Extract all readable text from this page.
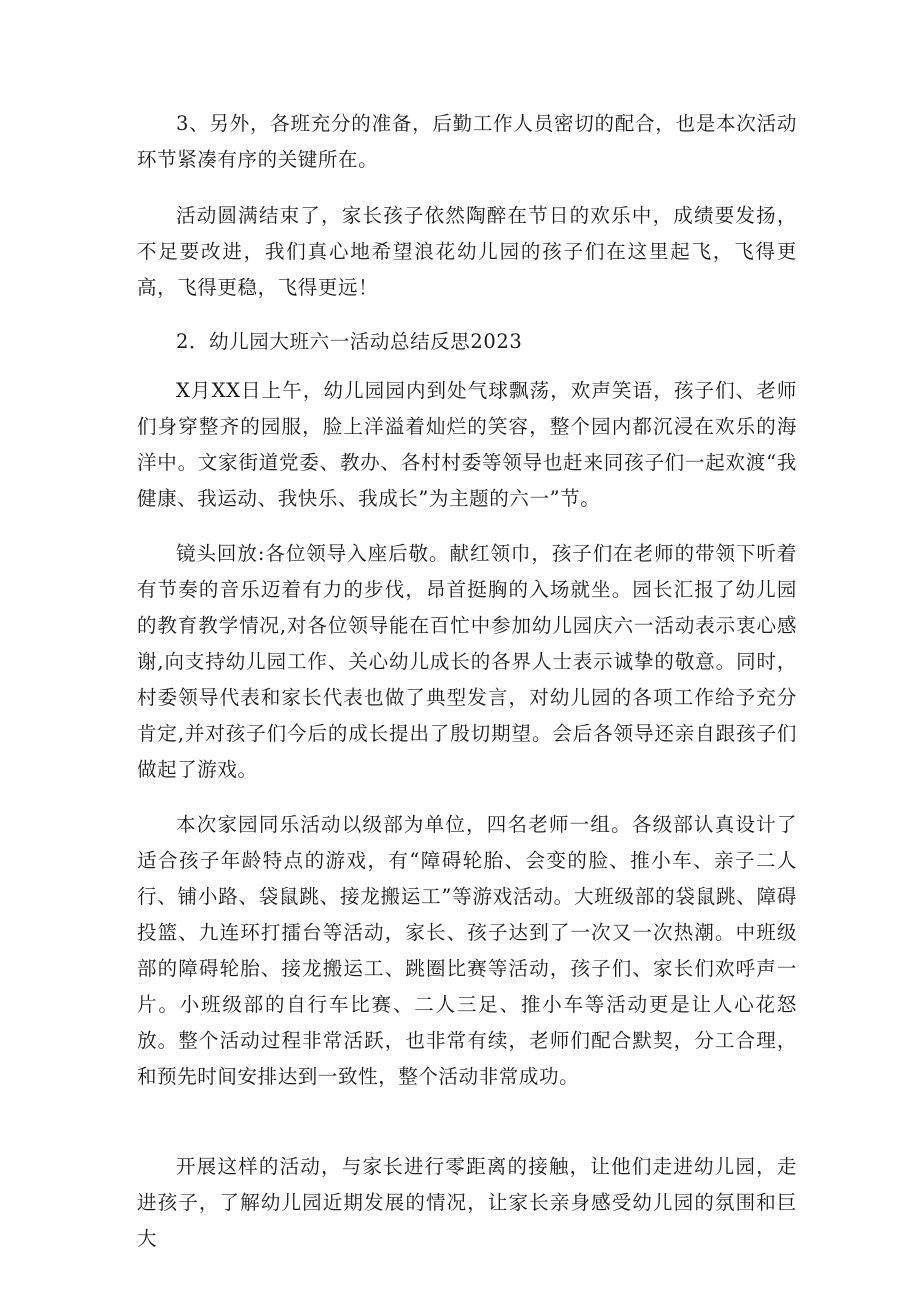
3、另外，各班充分的准备，后勤工作人员密切的配合，也是本次活动环节紧凑有序的关键所在。

活动圆满结束了，家长孩子依然陶醉在节日的欢乐中，成绩要发扬，不足要改进，我们真心地希望浪花幼儿园的孩子们在这里起飞，飞得更高，飞得更稳，飞得更远！

2．幼儿园大班六一活动总结反思2023

X月XX日上午，幼儿园园内到处气球飘荡，欢声笑语，孩子们、老师们身穿整齐的园服，脸上洋溢着灿烂的笑容，整个园内都沉浸在欢乐的海洋中。文家街道党委、教办、各村村委等领导也赶来同孩子们一起欢渡“我健康、我运动、我快乐、我成长”为主题的六一”节。

镜头回放:各位领导入座后敬。献红领巾，孩子们在老师的带领下听着有节奏的音乐迈着有力的步伐，昂首挺胸的入场就坐。园长汇报了幼儿园的教育教学情况,对各位领导能在百忙中参加幼儿园庆六一活动表示衷心感谢,向支持幼儿园工作、关心幼儿成长的各界人士表示诚挚的敬意。同时，村委领导代表和家长代表也做了典型发言，对幼儿园的各项工作给予充分肯定,并对孩子们今后的成长提出了殷切期望。会后各领导还亲自跟孩子们做起了游戏。

本次家园同乐活动以级部为单位，四名老师一组。各级部认真设计了适合孩子年龄特点的游戏，有“障碍轮胎、会变的脸、推小车、亲子二人行、铺小路、袋鼠跳、接龙搬运工”等游戏活动。大班级部的袋鼠跳、障碍投篮、九连环打擂台等活动，家长、孩子达到了一次又一次热潮。中班级部的障碍轮胎、接龙搬运工、跳圈比赛等活动，孩子们、家长们欢呼声一片。小班级部的自行车比赛、二人三足、推小车等活动更是让人心花怒放。整个活动过程非常活跃，也非常有续，老师们配合默契，分工合理，和预先时间安排达到一致性，整个活动非常成功。

开展这样的活动，与家长进行零距离的接触，让他们走进幼儿园，走进孩子，了解幼儿园近期发展的情况，让家长亲身感受幼儿园的氛围和巨大
